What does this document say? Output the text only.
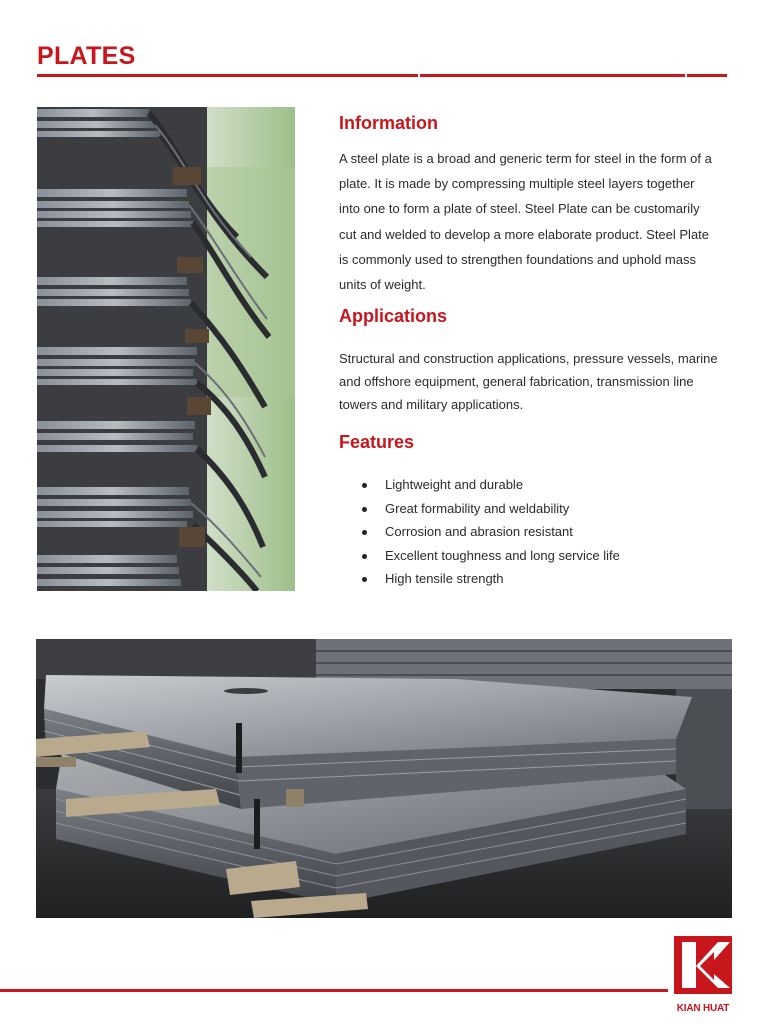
PLATES
Information

A steel plate is a broad and generic term for steel in the form of a plate. It is made by compressing multiple steel layers together into one to form a plate of steel. Steel Plate can be customarily cut and welded to develop a more elaborate product. Steel Plate is commonly used to strengthen foundations and uphold mass units of weight.

Applications

Structural and construction applications, pressure vessels, marine and offshore equipment, general fabrication, transmission line towers and military applications.

Features
Lightweight and durable
Great formability and weldability
Corrosion and abrasion resistant
Excellent toughness and long service life
High tensile strength
KIAN HUAT
